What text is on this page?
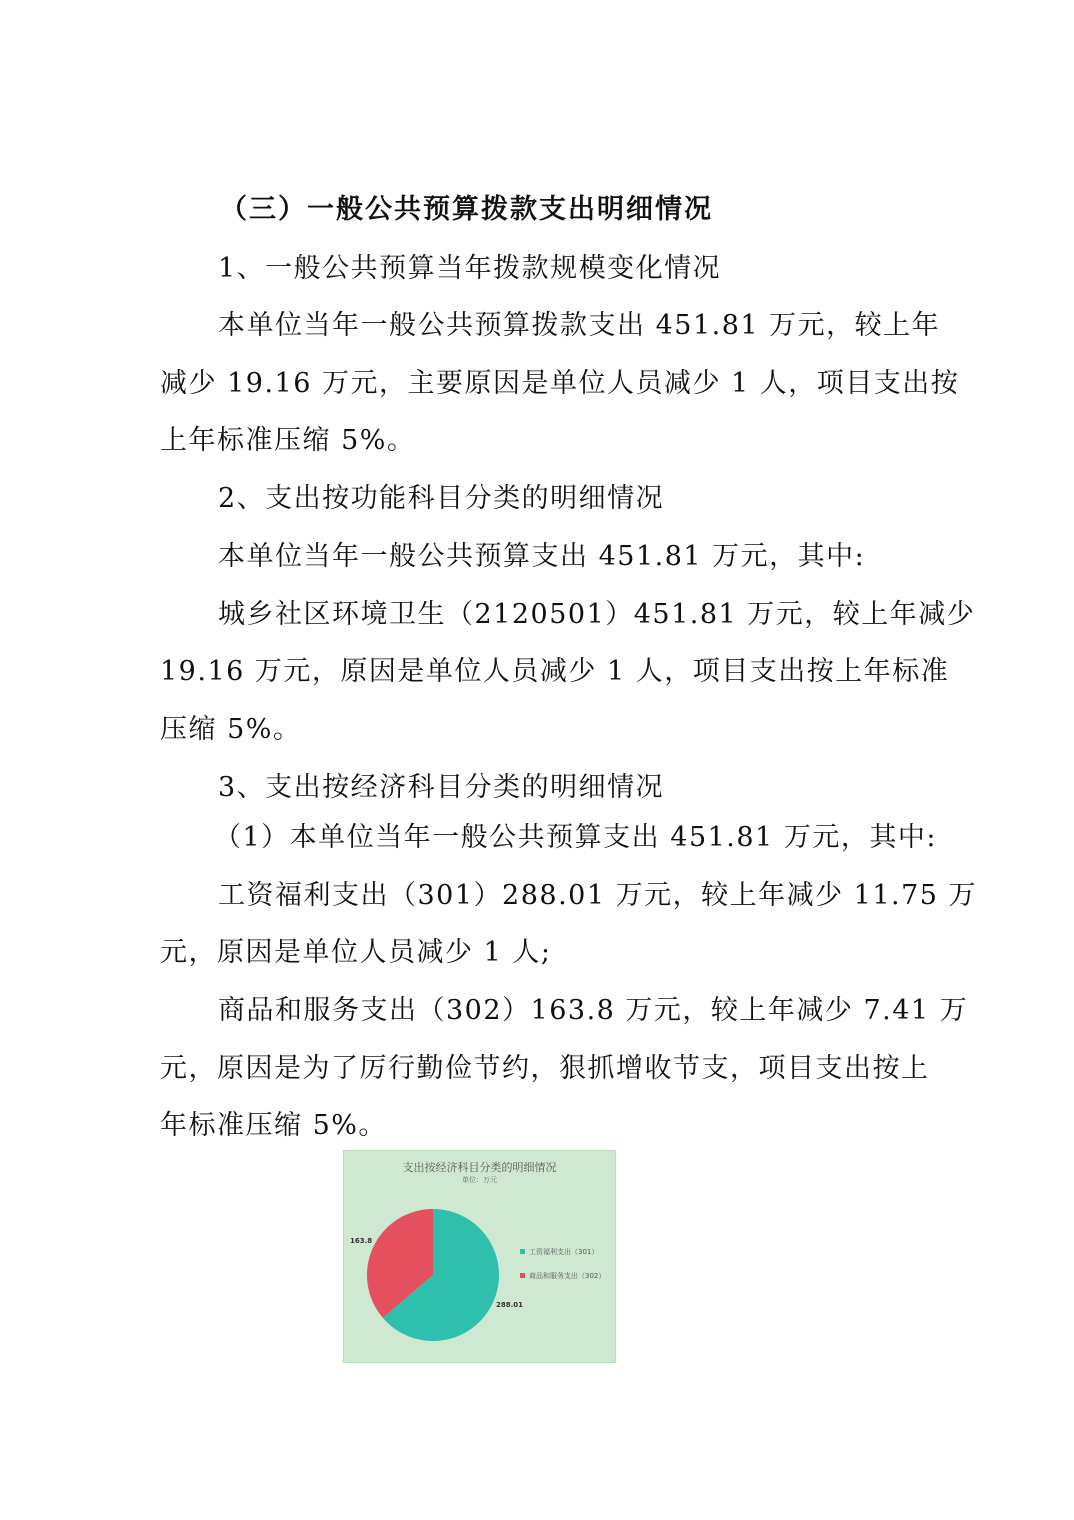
（三）一般公共预算拨款支出明细情况
1、一般公共预算当年拨款规模变化情况
本单位当年一般公共预算拨款支出 451.81 万元，较上年
减少 19.16 万元，主要原因是单位人员减少 1 人，项目支出按
上年标准压缩 5%。
2、支出按功能科目分类的明细情况
本单位当年一般公共预算支出 451.81 万元，其中:
城乡社区环境卫生（2120501）451.81 万元，较上年减少
19.16 万元，原因是单位人员减少 1 人，项目支出按上年标准
压缩 5%。
3、支出按经济科目分类的明细情况
（1）本单位当年一般公共预算支出 451.81 万元，其中:
工资福利支出（301）288.01 万元，较上年减少 11.75 万
元，原因是单位人员减少 1 人;
商品和服务支出（302）163.8 万元，较上年减少 7.41 万
元，原因是为了厉行勤俭节约，狠抓增收节支，项目支出按上
年标准压缩 5%。
支出按经济科目分类的明细情况
单位：万元
288.01
163.8
工资福利支出（301）
商品和服务支出（302）
